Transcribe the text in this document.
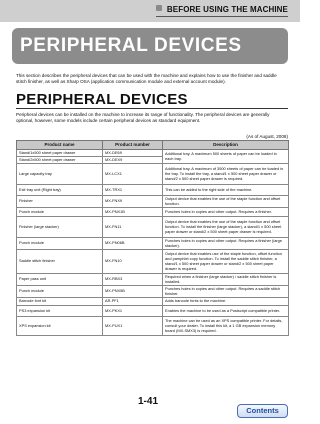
BEFORE USING THE MACHINE
PERIPHERAL DEVICES
This section describes the peripheral devices that can be used with the machine and explains how to use the finisher and saddle stitch finisher, as well as Sharp OSA (application communication module and external account module).
PERIPHERAL DEVICES
Peripheral devices can be installed on the machine to increase its range of functionality. The peripheral devices are generally optional, however, some models include certain peripheral devices as standard equipment.
(As of August, 2008)
Product name	Product number	Description
Stand/1x500 sheet paper drawer	MX-DE69	Additional tray. A maximum 500 sheets of paper can be loaded in each tray.
Stand/2x500 sheet paper drawer	MX-DEX9	
Large capacity tray	MX-LCX1	Additional tray. A maximum of 3500 sheets of paper can be loaded in the tray. To install the tray, a stand/1 x 500 sheet paper drawer or stand/2 x 500 sheet paper drawer is required.
Exit tray unit (Right tray)	MX-TRX1	This can be added to the right side of the machine.
Finisher	MX-FNX9	Output device that enables the use of the staple function and offset function.
Punch module	MX-PNX1B	Punches holes in copies and other output. Requires a finisher.
Finisher (large stacker)	MX-FN11	Output device that enables the use of the staple function and offset function. To install the finisher (large stacker), a stand/1 x 500 sheet paper drawer or stand/2 x 500 sheet paper drawer is required.
Punch module	MX-PN06B	Punches holes in copies and other output. Requires a finisher (large stacker).
Saddle stitch finisher	MX-FN10	Output device that enables use of the staple function, offset function and pamphlet copy function. To install the saddle stitch finisher, a stand/1 x 500 sheet paper drawer or stand/2 x 500 sheet paper drawer is required.
Paper pass unit	MX-RBX3	Required when a finisher (large stacker) / saddle stitch finisher is installed.
Punch module	MX-PNX5B	Punches holes in copies and other output. Requires a saddle stitch finisher.
Barcode font kit	AR-PF1	Adds barcode fonts to the machine.
PS3 expansion kit	MX-PKX1	Enables the machine to be used as a Postscript compatible printer.
XPS expansion kit	MX-PUX1	The machine can be used as an XPS compatible printer. For details, consult your dealer. To install this kit, a 1 GB expansion memory board (MX-SMX3) is required.
1-41
Contents
